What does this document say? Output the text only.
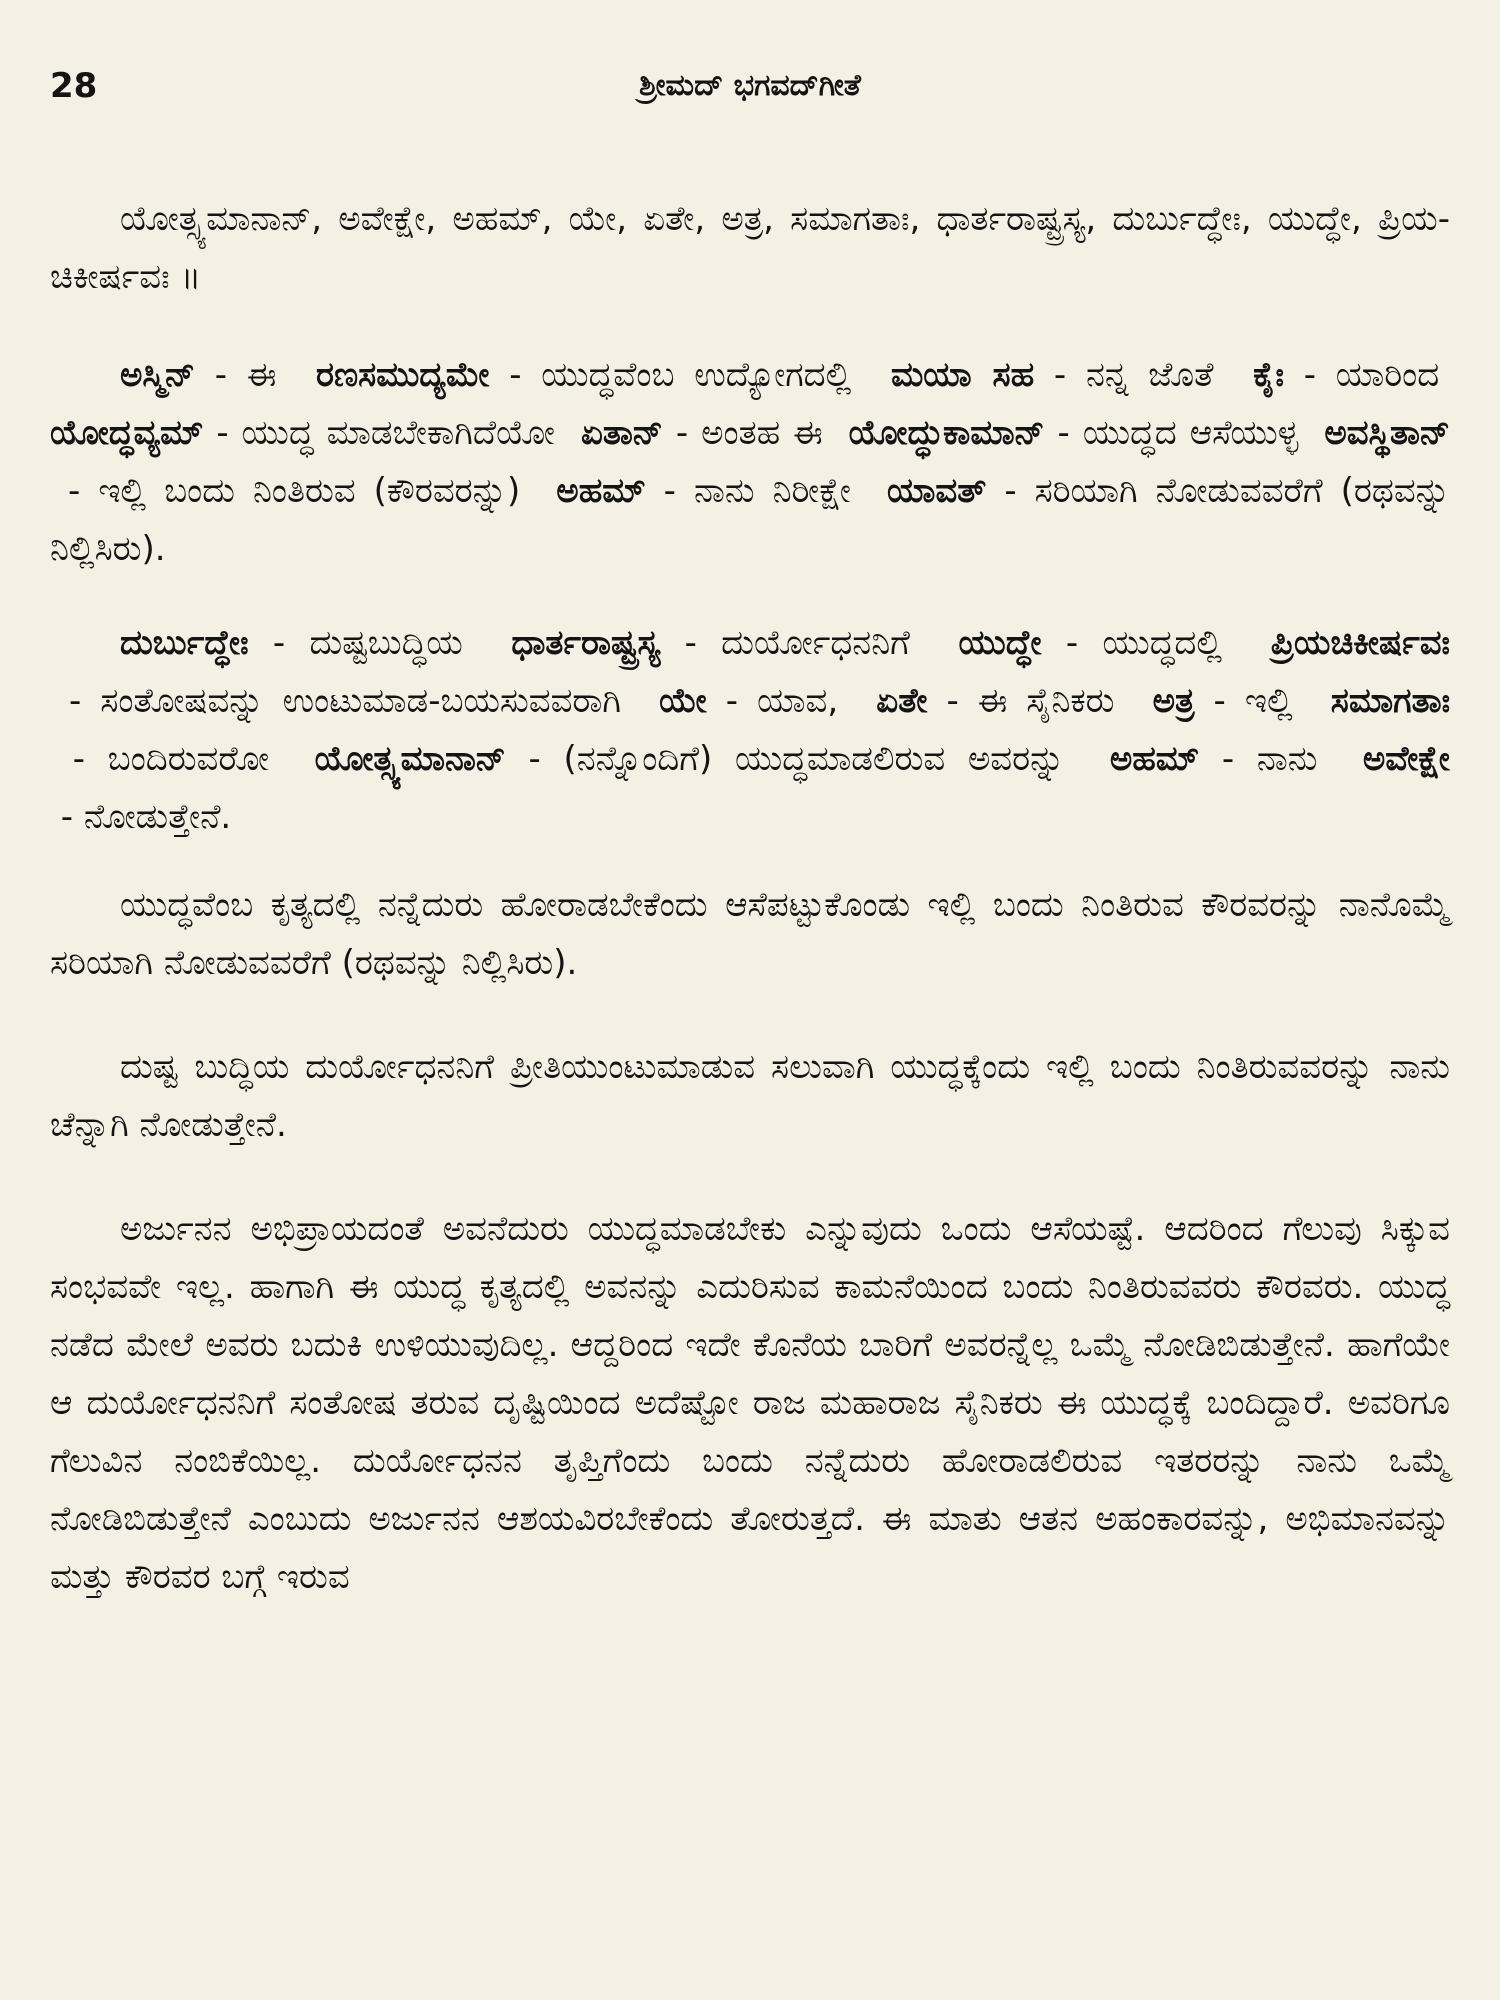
28	ಶ್ರೀಮದ್ ಭಗವದ್‌ಗೀತೆ

ಯೋತ್ಸ್ಯಮಾನಾನ್, ಅವೇಕ್ಷೇ, ಅಹಮ್, ಯೇ, ಏತೇ, ಅತ್ರ, ಸಮಾಗತಾಃ, ಧಾರ್ತರಾಷ್ಟ್ರಸ್ಯ, ದುರ್ಬುದ್ಧೇಃ, ಯುದ್ಧೇ, ಪ್ರಿಯ-ಚಿಕೀರ್ಷವಃ ॥

ಅಸ್ಮಿನ್ - ಈ ರಣಸಮುದ್ಯಮೇ - ಯುದ್ಧವೆಂಬ ಉದ್ಯೋಗದಲ್ಲಿ ಮಯಾ ಸಹ - ನನ್ನ ಜೊತೆ ಕೈಃ - ಯಾರಿಂದ  ಯೋದ್ಧವ್ಯಮ್ - ಯುದ್ಧ ಮಾಡಬೇಕಾಗಿದೆಯೋ ಏತಾನ್ - ಅಂತಹ ಈ ಯೋದ್ಧುಕಾಮಾನ್ - ಯುದ್ಧದ ಆಸೆಯುಳ್ಳ ಅವಸ್ಥಿತಾನ್ - ಇಲ್ಲಿ ಬಂದು ನಿಂತಿರುವ (ಕೌರವರನ್ನು) ಅಹಮ್ - ನಾನು ನಿರೀಕ್ಷೇ ಯಾವತ್ - ಸರಿಯಾಗಿ ನೋಡುವವರೆಗೆ (ರಥವನ್ನು ನಿಲ್ಲಿಸಿರು).

ದುರ್ಬುದ್ಧೇಃ - ದುಷ್ಟಬುದ್ಧಿಯ ಧಾರ್ತರಾಷ್ಟ್ರಸ್ಯ - ದುರ್ಯೋಧನನಿಗೆ ಯುದ್ಧೇ - ಯುದ್ಧದಲ್ಲಿ ಪ್ರಿಯಚಿಕೀರ್ಷವಃ - ಸಂತೋಷವನ್ನು ಉಂಟುಮಾಡ-ಬಯಸುವವರಾಗಿ ಯೇ - ಯಾವ, ಏತೇ - ಈ ಸೈನಿಕರು ಅತ್ರ - ಇಲ್ಲಿ ಸಮಾಗತಾಃ - ಬಂದಿರುವರೋ ಯೋತ್ಸ್ಯಮಾನಾನ್ - (ನನ್ನೊಂದಿಗೆ) ಯುದ್ಧಮಾಡಲಿರುವ ಅವರನ್ನು ಅಹಮ್ - ನಾನು ಅವೇಕ್ಷೇ - ನೋಡುತ್ತೇನೆ.

ಯುದ್ಧವೆಂಬ ಕೃತ್ಯದಲ್ಲಿ ನನ್ನೆದುರು ಹೋರಾಡಬೇಕೆಂದು ಆಸೆಪಟ್ಟುಕೊಂಡು ಇಲ್ಲಿ ಬಂದು ನಿಂತಿರುವ ಕೌರವರನ್ನು ನಾನೊಮ್ಮೆ ಸರಿಯಾಗಿ ನೋಡುವವರೆಗೆ (ರಥವನ್ನು ನಿಲ್ಲಿಸಿರು).

ದುಷ್ಟ ಬುದ್ಧಿಯ ದುರ್ಯೋಧನನಿಗೆ ಪ್ರೀತಿಯುಂಟುಮಾಡುವ ಸಲುವಾಗಿ ಯುದ್ಧಕ್ಕೆಂದು ಇಲ್ಲಿ ಬಂದು ನಿಂತಿರುವವರನ್ನು ನಾನು ಚೆನ್ನಾಗಿ ನೋಡುತ್ತೇನೆ.

ಅರ್ಜುನನ ಅಭಿಪ್ರಾಯದಂತೆ ಅವನೆದುರು ಯುದ್ಧಮಾಡಬೇಕು ಎನ್ನುವುದು ಒಂದು ಆಸೆಯಷ್ಟೆ. ಆದರಿಂದ ಗೆಲುವು ಸಿಕ್ಕುವ ಸಂಭವವೇ ಇಲ್ಲ. ಹಾಗಾಗಿ ಈ ಯುದ್ಧ ಕೃತ್ಯದಲ್ಲಿ ಅವನನ್ನು ಎದುರಿಸುವ ಕಾಮನೆಯಿಂದ ಬಂದು ನಿಂತಿರುವವರು ಕೌರವರು. ಯುದ್ಧ ನಡೆದ ಮೇಲೆ ಅವರು ಬದುಕಿ ಉಳಿಯುವುದಿಲ್ಲ. ಆದ್ದರಿಂದ ಇದೇ ಕೊನೆಯ ಬಾರಿಗೆ ಅವರನ್ನೆಲ್ಲ ಒಮ್ಮೆ ನೋಡಿಬಿಡುತ್ತೇನೆ. ಹಾಗೆಯೇ ಆ ದುರ್ಯೋಧನನಿಗೆ ಸಂತೋಷ ತರುವ ದೃಷ್ಟಿಯಿಂದ ಅದೆಷ್ಟೋ ರಾಜ ಮಹಾರಾಜ ಸೈನಿಕರು ಈ ಯುದ್ಧಕ್ಕೆ ಬಂದಿದ್ದಾರೆ. ಅವರಿಗೂ ಗೆಲುವಿನ ನಂಬಿಕೆಯಿಲ್ಲ. ದುರ್ಯೋಧನನ ತೃಪ್ತಿಗೆಂದು ಬಂದು ನನ್ನೆದುರು ಹೋರಾಡಲಿರುವ ಇತರರನ್ನು ನಾನು ಒಮ್ಮೆ ನೋಡಿಬಿಡುತ್ತೇನೆ ಎಂಬುದು ಅರ್ಜುನನ ಆಶಯವಿರಬೇಕೆಂದು ತೋರುತ್ತದೆ. ಈ ಮಾತು ಆತನ ಅಹಂಕಾರವನ್ನು, ಅಭಿಮಾನವನ್ನು ಮತ್ತು ಕೌರವರ ಬಗ್ಗೆ ಇರುವ
